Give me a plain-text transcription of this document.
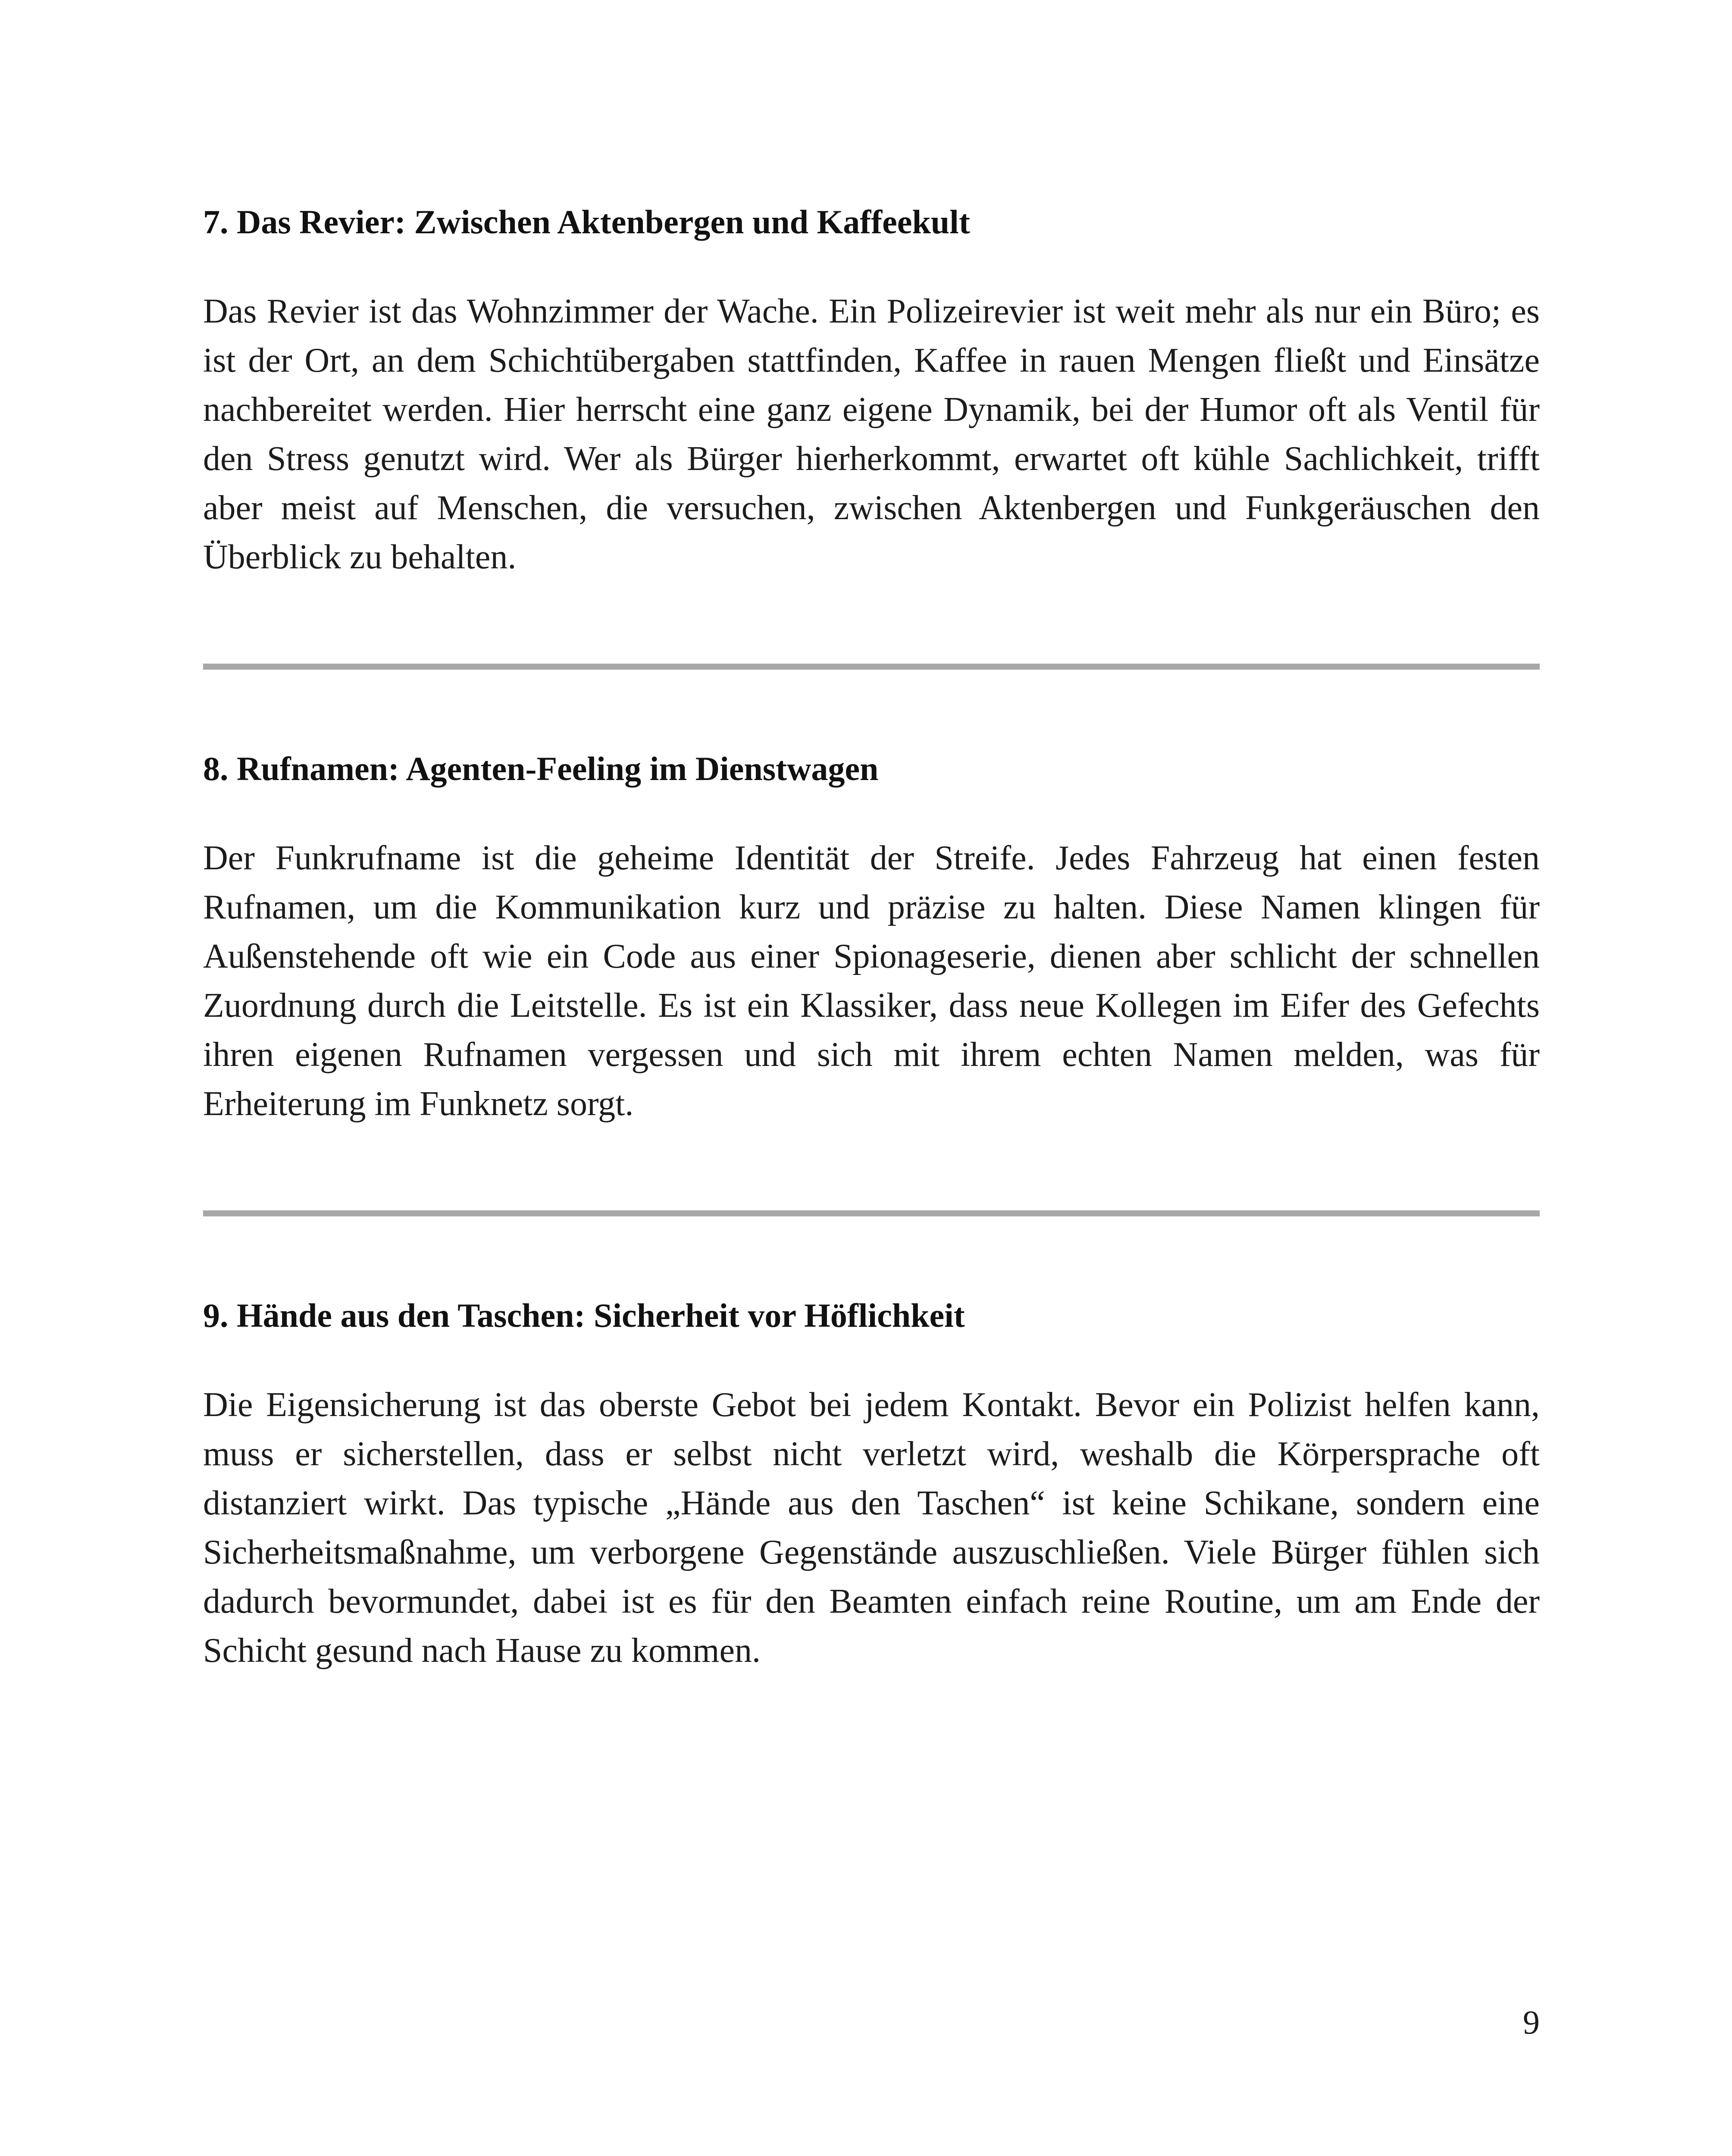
7. Das Revier: Zwischen Aktenbergen und Kaffeekult

Das Revier ist das Wohnzimmer der Wache. Ein Polizeirevier ist weit mehr als nur ein Büro; es ist der Ort, an dem Schichtübergaben stattfinden, Kaffee in rauen Mengen fließt und Einsätze nachbereitet werden. Hier herrscht eine ganz eigene Dynamik, bei der Humor oft als Ventil für den Stress genutzt wird. Wer als Bürger hierherkommt, erwartet oft kühle Sachlichkeit, trifft aber meist auf Menschen, die versuchen, zwischen Aktenbergen und Funkgeräuschen den Überblick zu behalten.

8. Rufnamen: Agenten-Feeling im Dienstwagen

Der Funkrufname ist die geheime Identität der Streife. Jedes Fahrzeug hat einen festen Rufnamen, um die Kommunikation kurz und präzise zu halten. Diese Namen klingen für Außenstehende oft wie ein Code aus einer Spionageserie, dienen aber schlicht der schnellen Zuordnung durch die Leitstelle. Es ist ein Klassiker, dass neue Kollegen im Eifer des Gefechts ihren eigenen Rufnamen vergessen und sich mit ihrem echten Namen melden, was für Erheiterung im Funknetz sorgt.

9. Hände aus den Taschen: Sicherheit vor Höflichkeit

Die Eigensicherung ist das oberste Gebot bei jedem Kontakt. Bevor ein Polizist helfen kann, muss er sicherstellen, dass er selbst nicht verletzt wird, weshalb die Körpersprache oft distanziert wirkt. Das typische „Hände aus den Taschen“ ist keine Schikane, sondern eine Sicherheitsmaßnahme, um verborgene Gegenstände auszuschließen. Viele Bürger fühlen sich dadurch bevormundet, dabei ist es für den Beamten einfach reine Routine, um am Ende der Schicht gesund nach Hause zu kommen.

9
